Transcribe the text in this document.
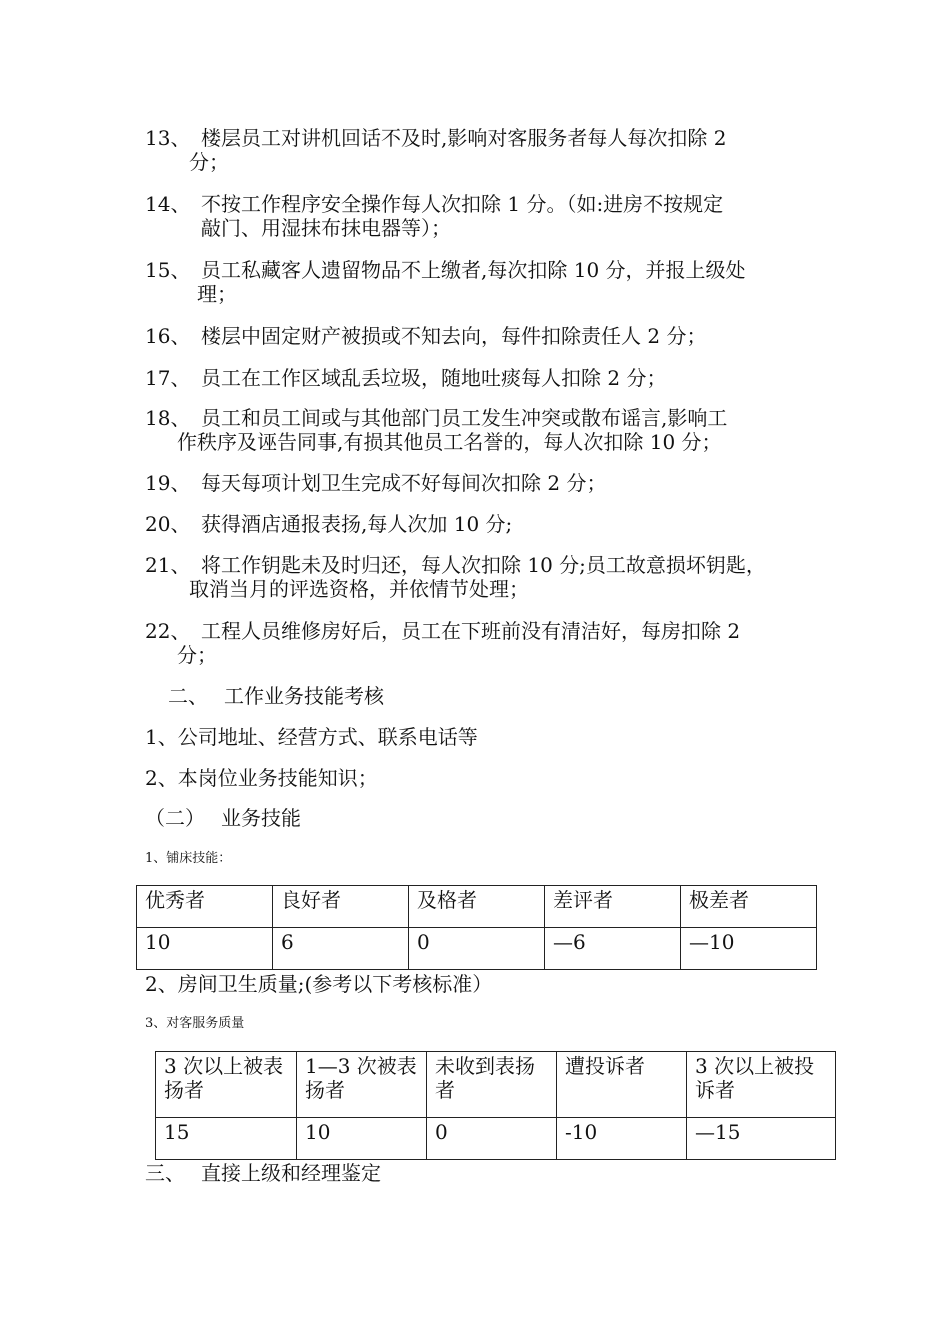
13、 楼层员工对讲机回话不及时,影响对客服务者每人每次扣除 2
分；
14、 不按工作程序安全操作每人次扣除 1 分。（如:进房不按规定
敲门、用湿抹布抹电器等）；
15、 员工私藏客人遗留物品不上缴者,每次扣除 10 分，并报上级处
理；
16、 楼层中固定财产被损或不知去向，每件扣除责任人 2 分；
17、 员工在工作区域乱丢垃圾，随地吐痰每人扣除 2 分；
18、 员工和员工间或与其他部门员工发生冲突或散布谣言,影响工
作秩序及诬告同事,有损其他员工名誉的，每人次扣除 10 分；
19、 每天每项计划卫生完成不好每间次扣除 2 分；
20、 获得酒店通报表扬,每人次加 10 分;
21、 将工作钥匙未及时归还，每人次扣除 10 分;员工故意损坏钥匙，
取消当月的评选资格，并依情节处理；
22、 工程人员维修房好后，员工在下班前没有清洁好，每房扣除 2
分；
二、 工作业务技能考核
1、公司地址、经营方式、联系电话等
2、本岗位业务技能知识；
（二） 业务技能
1、铺床技能：
优秀者	良好者	及格者	差评者	极差者
10	6	0	—6	—10
2、房间卫生质量;(参考以下考核标准）
3、对客服务质量
3 次以上被表扬者	1—3 次被表扬者	未收到表扬者	遭投诉者	3 次以上被投诉者
15	10	0	-10	—15
三、 直接上级和经理鉴定
